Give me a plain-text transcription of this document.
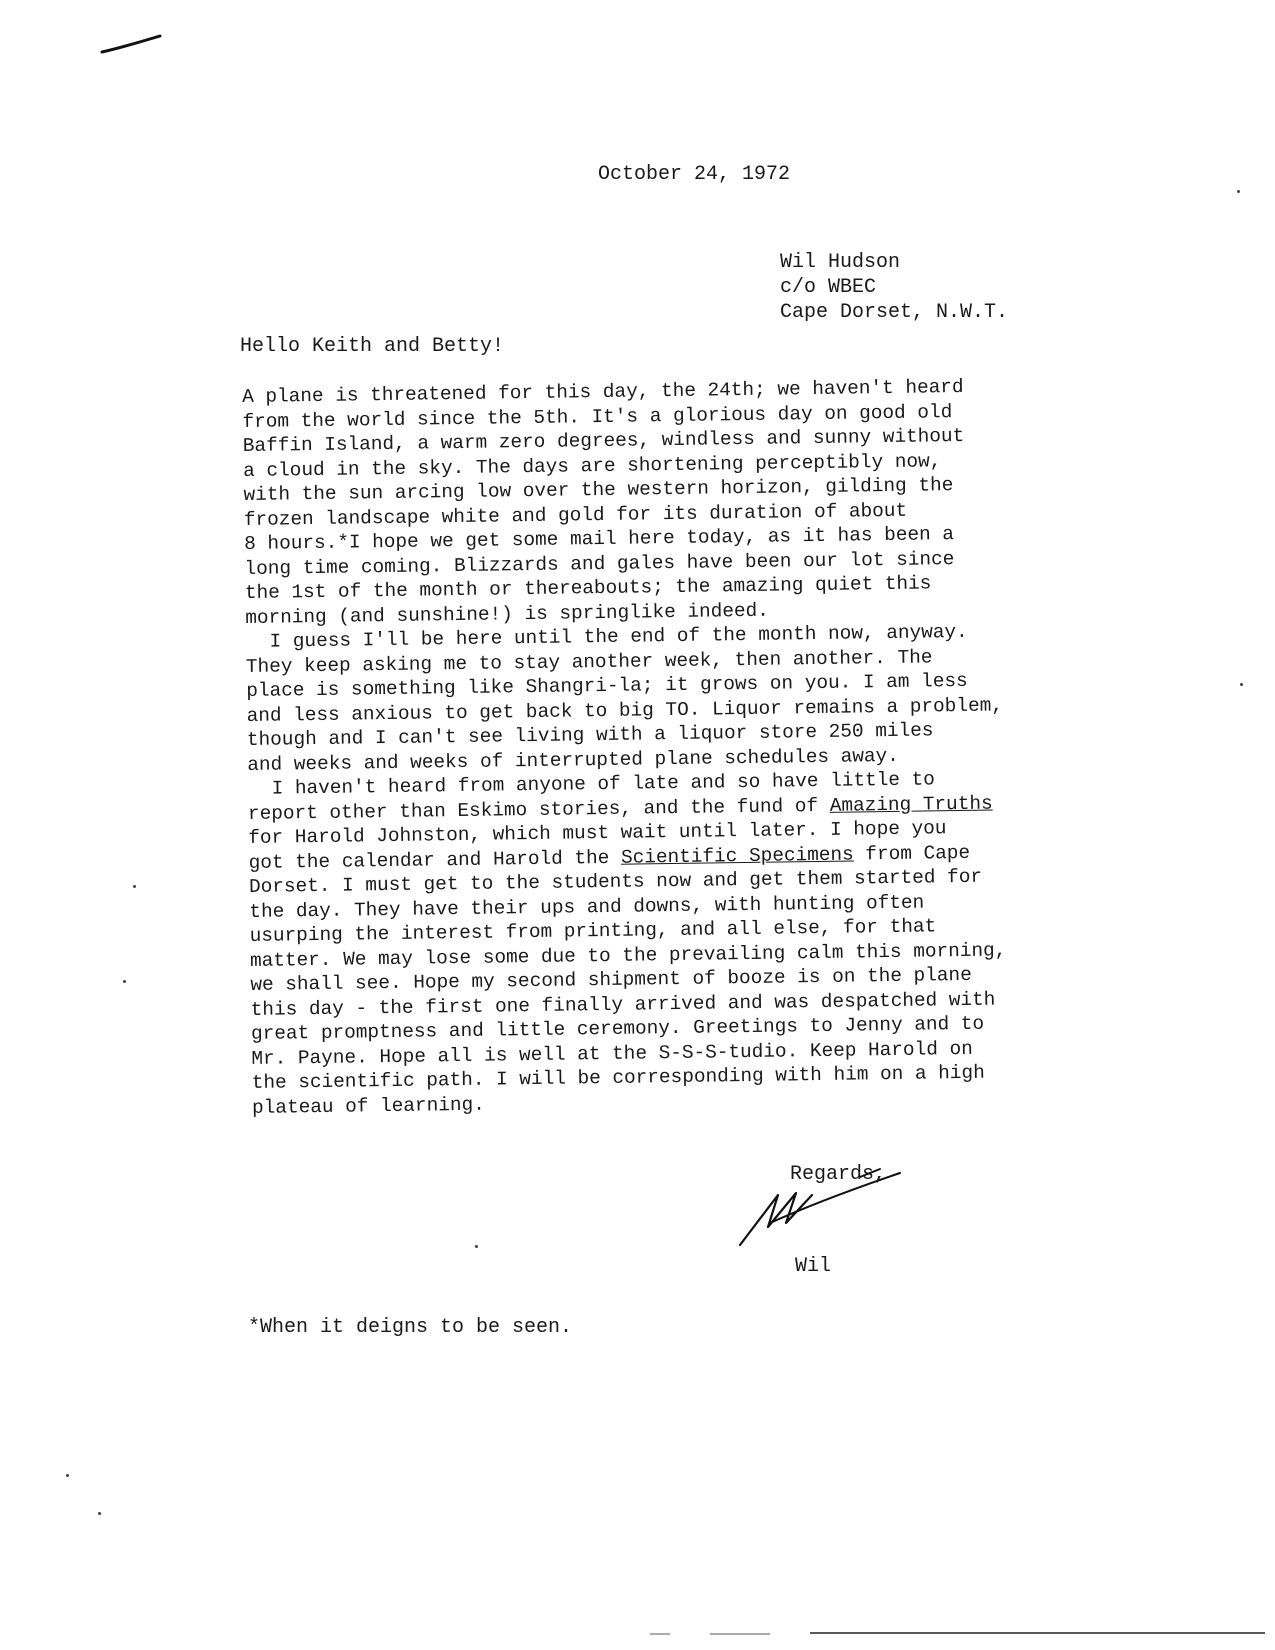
October 24, 1972
Wil Hudson
c/o WBEC
Cape Dorset, N.W.T.
Hello Keith and Betty!
A plane is threatened for this day, the 24th; we haven't heard
from the world since the 5th. It's a glorious day on good old
Baffin Island, a warm zero degrees, windless and sunny without
a cloud in the sky. The days are shortening perceptibly now,
with the sun arcing low over the western horizon, gilding the
frozen landscape white and gold for its duration of about
8 hours.*I hope we get some mail here today, as it has been a
long time coming. Blizzards and gales have been our lot since
the 1st of the month or thereabouts; the amazing quiet this
morning (and sunshine!) is springlike indeed.
I guess I'll be here until the end of the month now, anyway.
They keep asking me to stay another week, then another. The
place is something like Shangri-la; it grows on you. I am less
and less anxious to get back to big TO. Liquor remains a problem,
though and I can't see living with a liquor store 250 miles
and weeks and weeks of interrupted plane schedules away.
I haven't heard from anyone of late and so have little to
report other than Eskimo stories, and the fund of Amazing Truths
for Harold Johnston, which must wait until later. I hope you
got the calendar and Harold the Scientific Specimens from Cape
Dorset. I must get to the students now and get them started for
the day. They have their ups and downs, with hunting often
usurping the interest from printing, and all else, for that
matter. We may lose some due to the prevailing calm this morning,
we shall see. Hope my second shipment of booze is on the plane
this day - the first one finally arrived and was despatched with
great promptness and little ceremony. Greetings to Jenny and to
Mr. Payne. Hope all is well at the S-S-S-tudio. Keep Harold on
the scientific path. I will be corresponding with him on a high
plateau of learning.
Regards,
Wil
*When it deigns to be seen.
